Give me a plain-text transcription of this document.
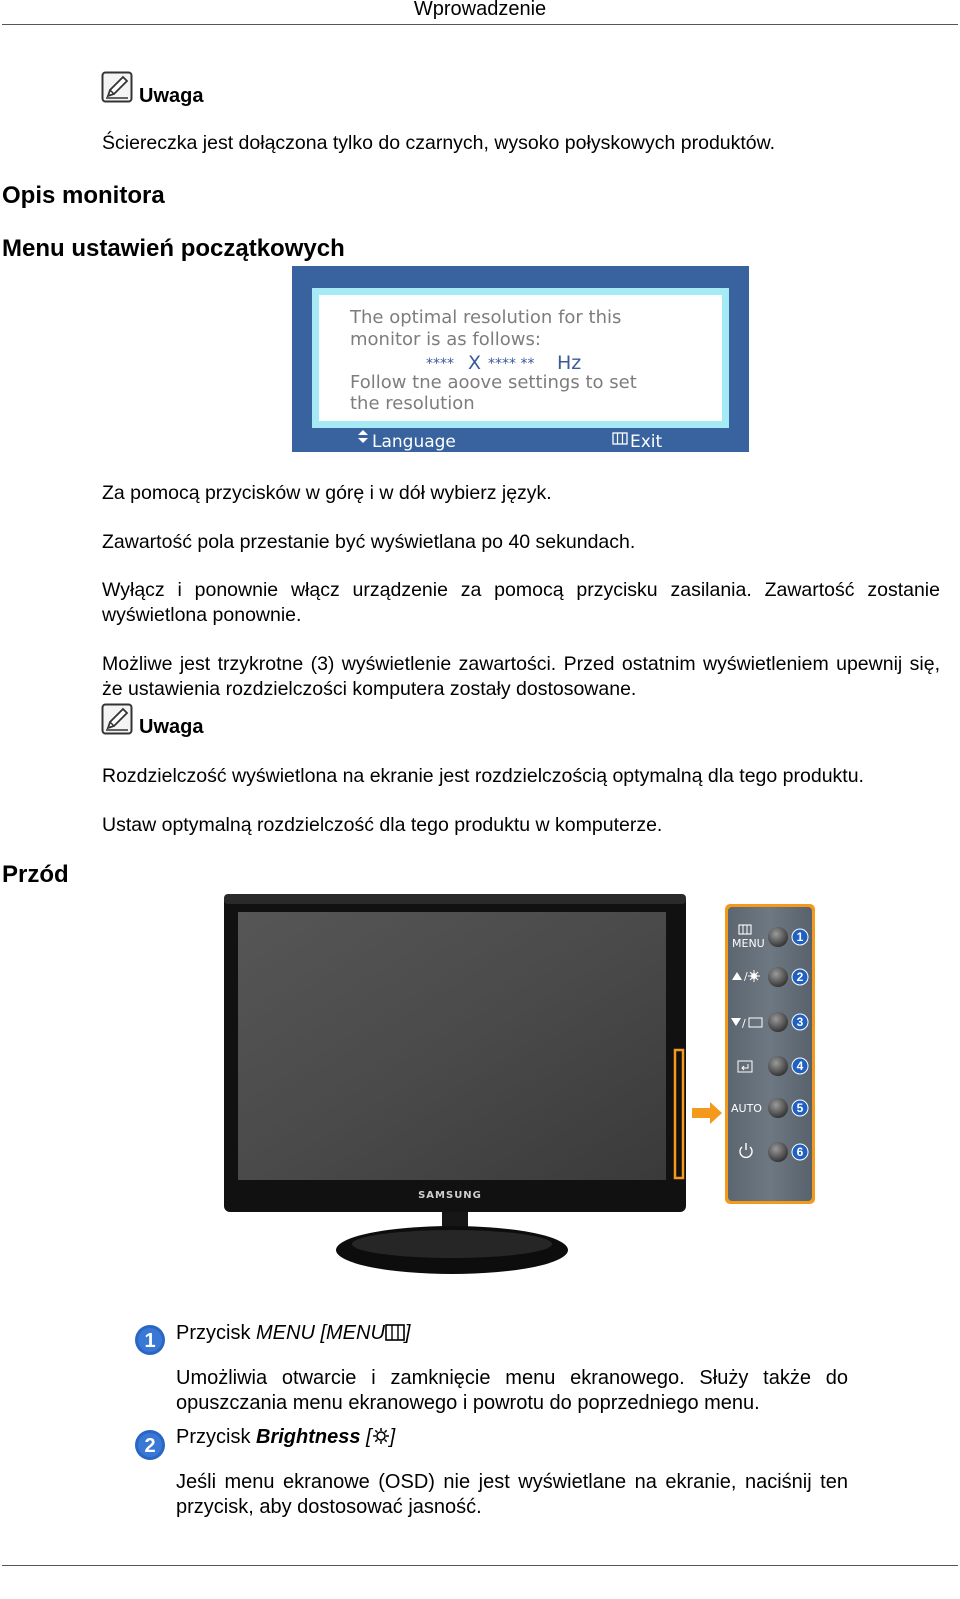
Wprowadzenie
Uwaga
Ściereczka jest dołączona tylko do czarnych, wysoko połyskowych produktów.
Opis monitora
Menu ustawień początkowych
The optimal resolution for this
monitor is as follows:
**** X **** ** Hz
Follow tne aoove settings to set
the resolution
Language	Exit
Za pomocą przycisków w górę i w dół wybierz język.
Zawartość pola przestanie być wyświetlana po 40 sekundach.
Wyłącz i ponownie włącz urządzenie za pomocą przycisku zasilania. Zawartość zostanie wyświetlona ponownie.
Możliwe jest trzykrotne (3) wyświetlenie zawartości. Przed ostatnim wyświetleniem upewnij się, że ustawienia rozdzielczości komputera zostały dostosowane.
Uwaga
Rozdzielczość wyświetlona na ekranie jest rozdzielczością optymalną dla tego produktu.
Ustaw optymalną rozdzielczość dla tego produktu w komputerze.
Przód
SAMSUNG
MENU
/
/
AUTO
1
2
3
4
5
6
1 Przycisk MENU [MENU ]
Umożliwia otwarcie i zamknięcie menu ekranowego. Służy także do opuszczania menu ekranowego i powrotu do poprzedniego menu.
2 Przycisk Brightness [ ]
Jeśli menu ekranowe (OSD) nie jest wyświetlane na ekranie, naciśnij ten przycisk, aby dostosować jasność.
